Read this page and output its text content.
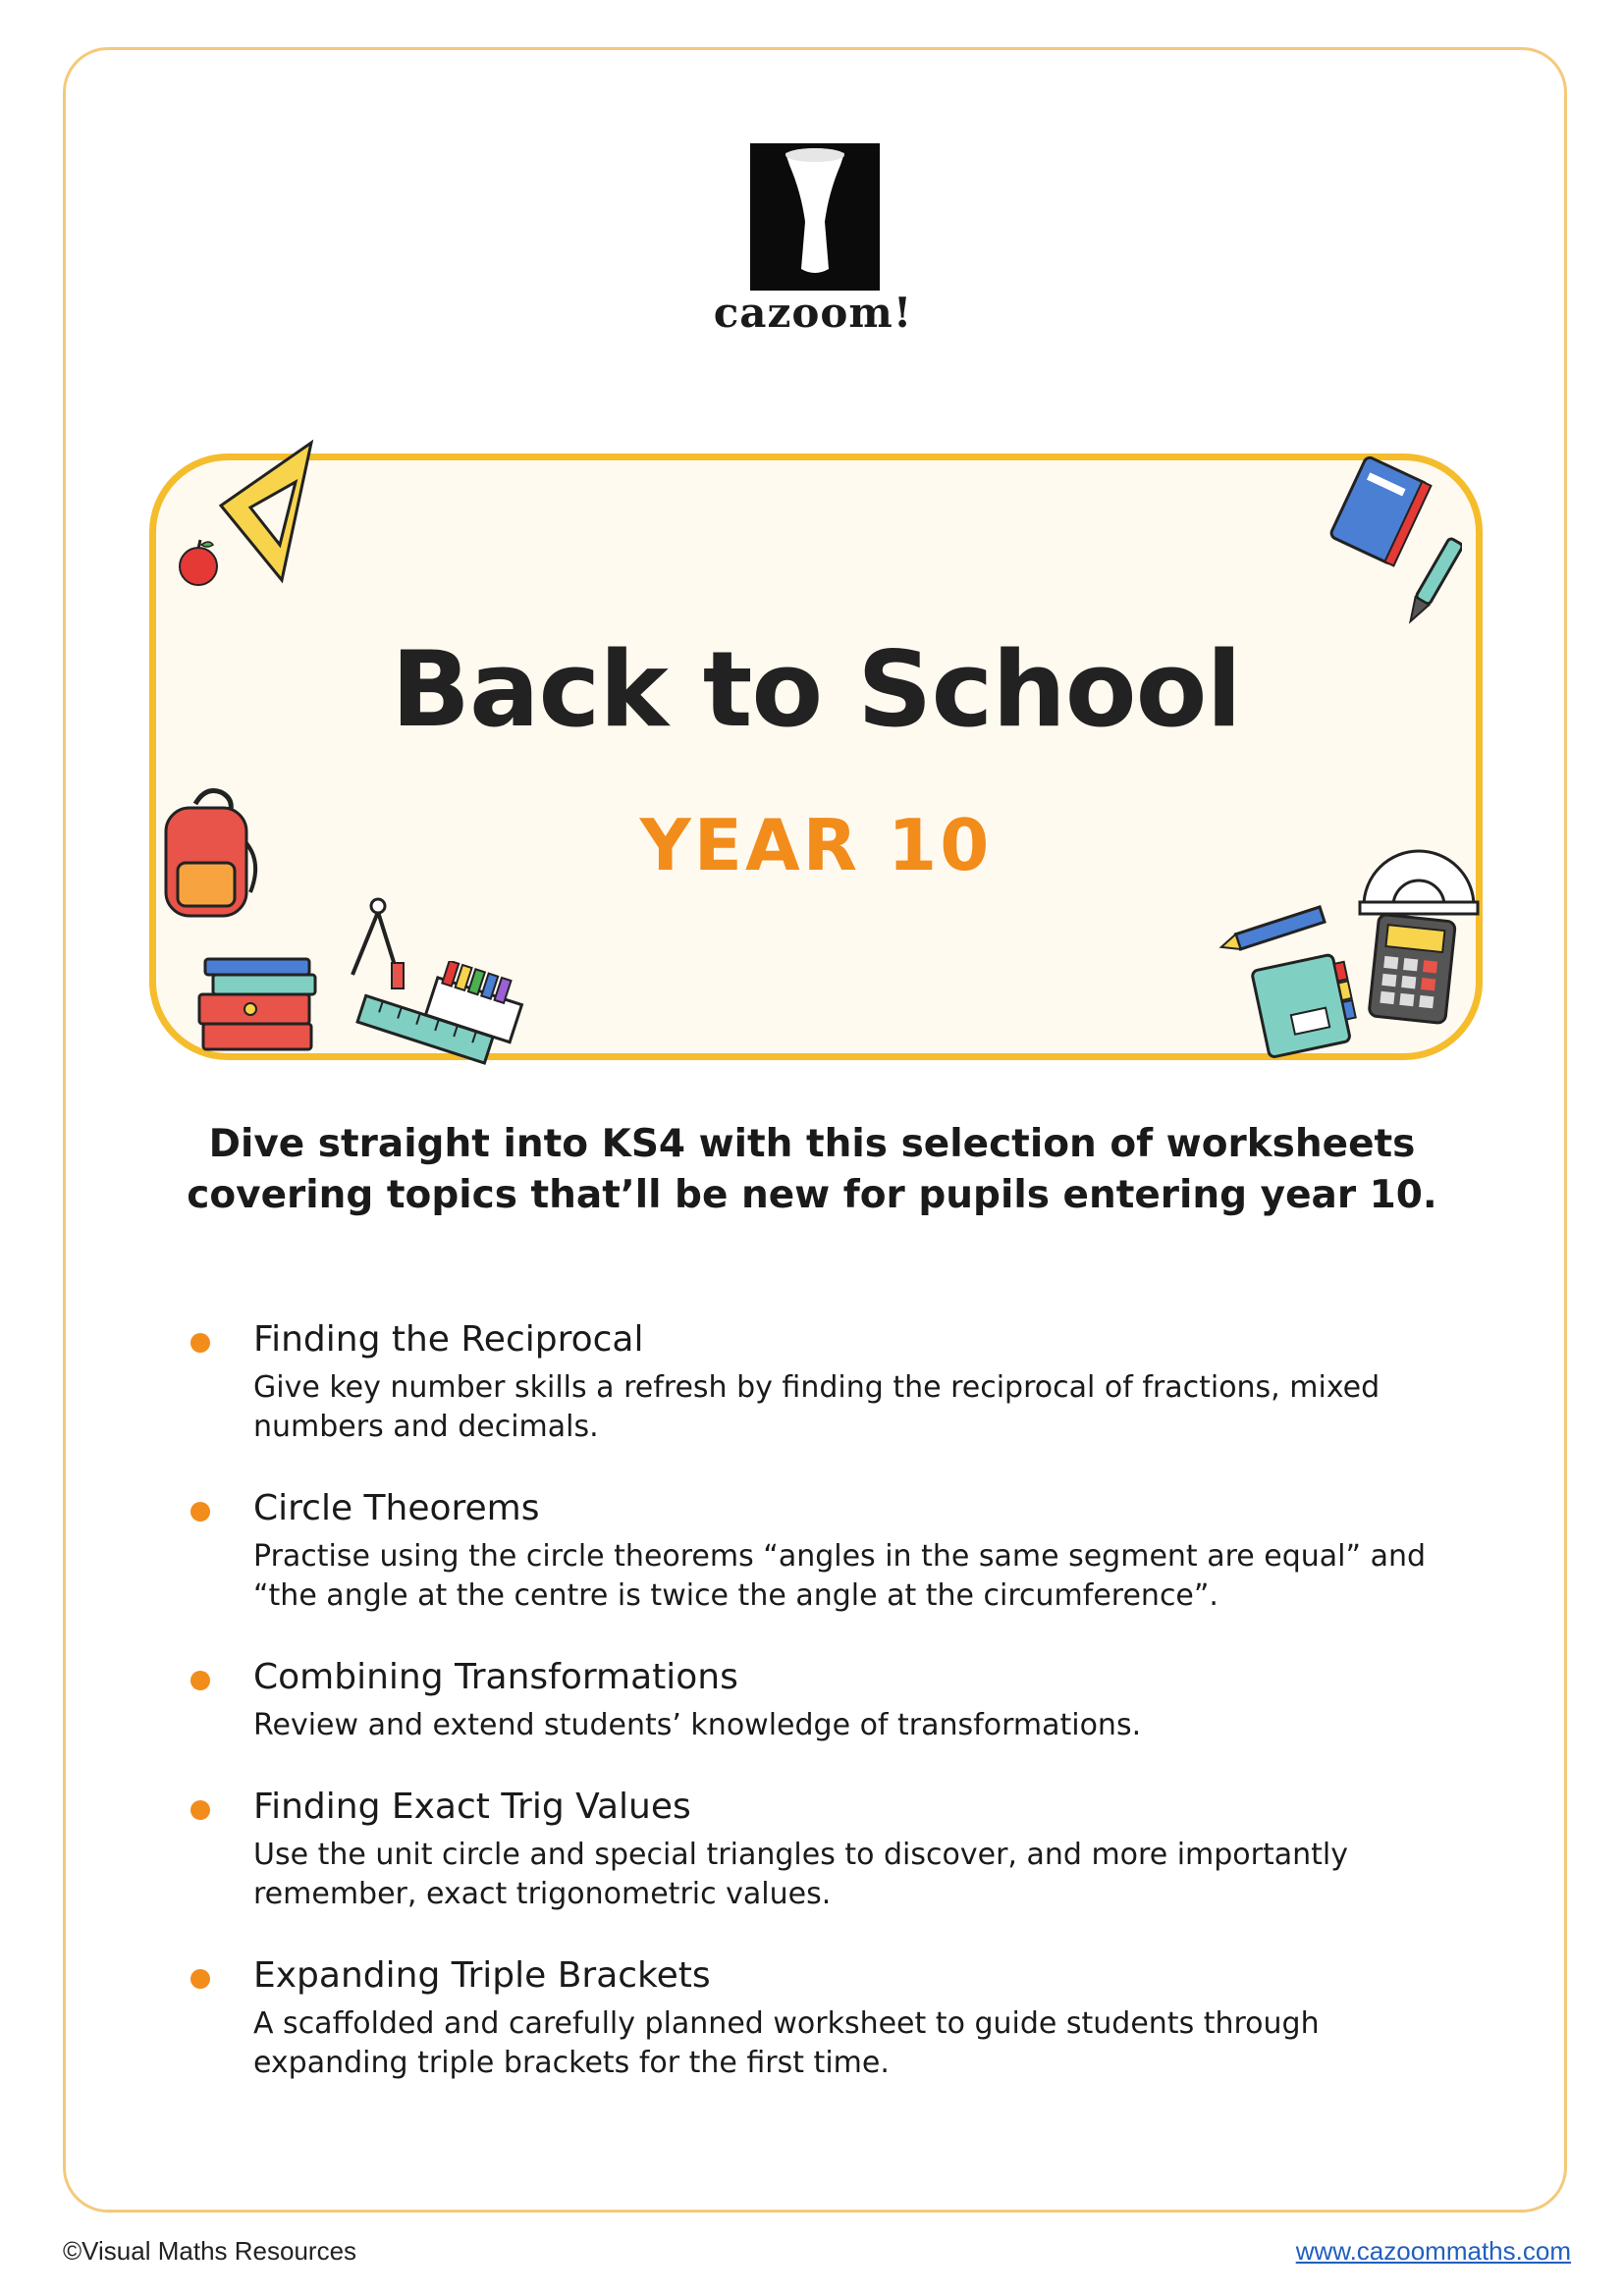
cazoom!
Back to School
YEAR 10
Dive straight into KS4 with this selection of worksheets covering topics that’ll be new for pupils entering year 10.
Finding the Reciprocal
Give key number skills a refresh by finding the reciprocal of fractions, mixed numbers and decimals.
Circle Theorems
Practise using the circle theorems “angles in the same segment are equal” and “the angle at the centre is twice the angle at the circumference”.
Combining Transformations
Review and extend students’ knowledge of transformations.
Finding Exact Trig Values
Use the unit circle and special triangles to discover, and more importantly remember, exact trigonometric values.
Expanding Triple Brackets
A scaffolded and carefully planned worksheet to guide students through expanding triple brackets for the first time.
©Visual Maths Resources	www.cazoommaths.com
